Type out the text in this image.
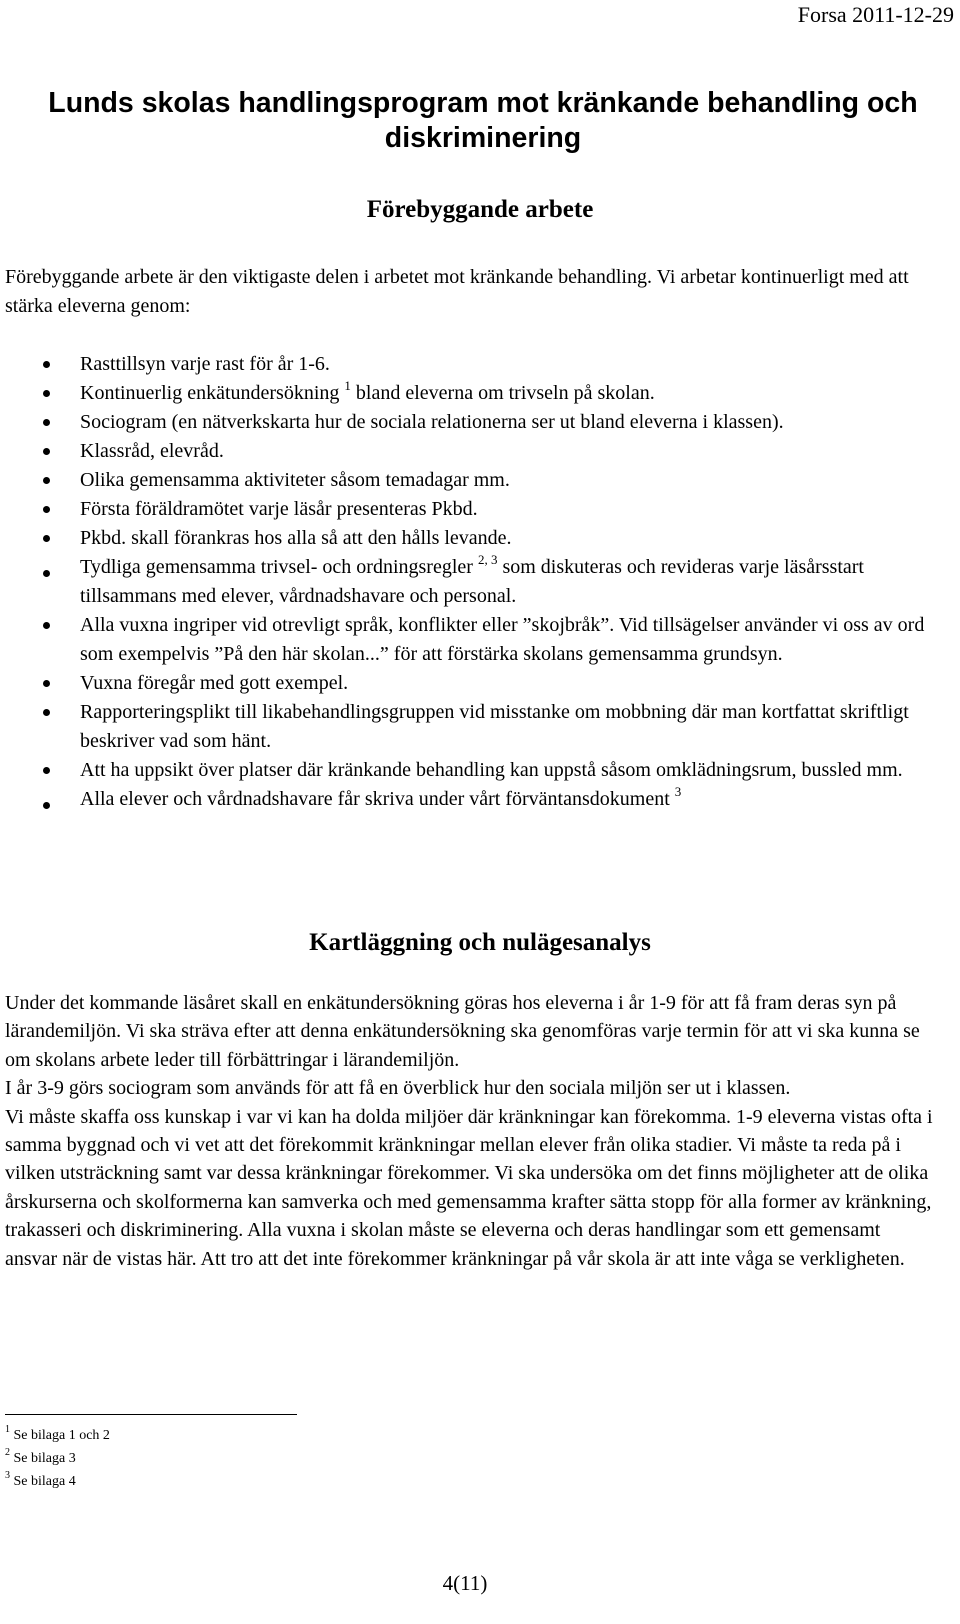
Forsa 2011-12-29
Lunds skolas handlingsprogram mot kränkande behandling och diskriminering
Förebyggande arbete

Förebyggande arbete är den viktigaste delen i arbetet mot kränkande behandling. Vi arbetar kontinuerligt med att stärka eleverna genom:

Rasttillsyn varje rast för år 1-6.
Kontinuerlig enkätundersökning $^1$ bland eleverna om trivseln på skolan.
Sociogram (en nätverkskarta hur de sociala relationerna ser ut bland eleverna i klassen).
Klassråd, elevråd.
Olika gemensamma aktiviteter såsom temadagar mm.
Första föräldramötet varje läsår presenteras Pkbd.
Pkbd. skall förankras hos alla så att den hålls levande.
Tydliga gemensamma trivsel- och ordningsregler $^{2, 3}$ som diskuteras och revideras varje läsårsstart tillsammans med elever, vårdnadshavare och personal.
Alla vuxna ingriper vid otrevligt språk, konflikter eller ”skojbråk”. Vid tillsägelser använder vi oss av ord som exempelvis ”På den här skolan...” för att förstärka skolans gemensamma grundsyn.
Vuxna föregår med gott exempel.
Rapporteringsplikt till likabehandlingsgruppen vid misstanke om mobbning där man kortfattat skriftligt beskriver vad som hänt.
Att ha uppsikt över platser där kränkande behandling kan uppstå såsom omklädningsrum, bussled mm.
Alla elever och vårdnadshavare får skriva under vårt förväntansdokument $^3$
Kartläggning och nulägesanalys

Under det kommande läsåret skall en enkätundersökning göras hos eleverna i år 1-9 för att få fram deras syn på lärandemiljön. Vi ska sträva efter att denna enkätundersökning ska genomföras varje termin för att vi ska kunna se om skolans arbete leder till förbättringar i lärandemiljön.

I år 3-9 görs sociogram som används för att få en överblick hur den sociala miljön ser ut i klassen.

Vi måste skaffa oss kunskap i var vi kan ha dolda miljöer där kränkningar kan förekomma. 1-9 eleverna vistas ofta i samma byggnad och vi vet att det förekommit kränkningar mellan elever från olika stadier. Vi måste ta reda på i vilken utsträckning samt var dessa kränkningar förekommer. Vi ska undersöka om det finns möjligheter att de olika årskurserna och skolformerna kan samverka och med gemensamma krafter sätta stopp för alla former av kränkning, trakasseri och diskriminering. Alla vuxna i skolan måste se eleverna och deras handlingar som ett gemensamt ansvar när de vistas här. Att tro att det inte förekommer kränkningar på vår skola är att inte våga se verkligheten.

$^1$ Se bilaga 1 och 2
$^2$ Se bilaga 3
$^3$ Se bilaga 4
4(11)
